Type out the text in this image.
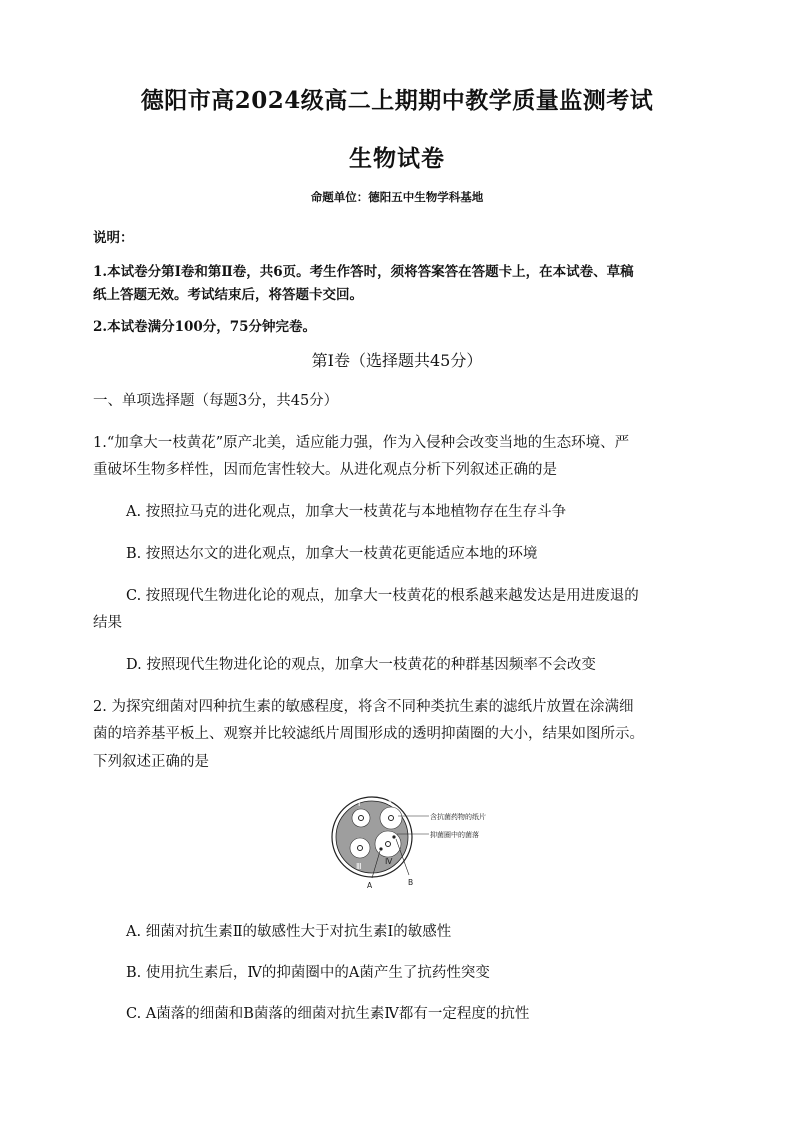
德阳市高2024级高二上期期中教学质量监测考试
生物试卷
命题单位：德阳五中生物学科基地
说明：
1.本试卷分第Ⅰ卷和第Ⅱ卷，共6页。考生作答时，须将答案答在答题卡上，在本试卷、草稿
纸上答题无效。考试结束后，将答题卡交回。
2.本试卷满分100分，75分钟完卷。
第Ⅰ卷（选择题共45分）
一、单项选择题（每题3分，共45分）
1.“加拿大一枝黄花”原产北美，适应能力强，作为入侵种会改变当地的生态环境、严
重破坏生物多样性，因而危害性较大。从进化观点分析下列叙述正确的是
A. 按照拉马克的进化观点，加拿大一枝黄花与本地植物存在生存斗争
B. 按照达尔文的进化观点，加拿大一枝黄花更能适应本地的环境
C. 按照现代生物进化论的观点，加拿大一枝黄花的根系越来越发达是用进废退的
结果
D. 按照现代生物进化论的观点，加拿大一枝黄花的种群基因频率不会改变
2. 为探究细菌对四种抗生素的敏感程度，将含不同种类抗生素的滤纸片放置在涂满细
菌的培养基平板上、观察并比较滤纸片周围形成的透明抑菌圈的大小，结果如图所示。
下列叙述正确的是
Ⅰ	Ⅱ
Ⅲ
Ⅳ
含抗菌药物的纸片
抑菌圈中的菌落
A	B
A. 细菌对抗生素Ⅱ的敏感性大于对抗生素Ⅰ的敏感性
B. 使用抗生素后，Ⅳ的抑菌圈中的A菌产生了抗药性突变
C. A菌落的细菌和B菌落的细菌对抗生素Ⅳ都有一定程度的抗性
